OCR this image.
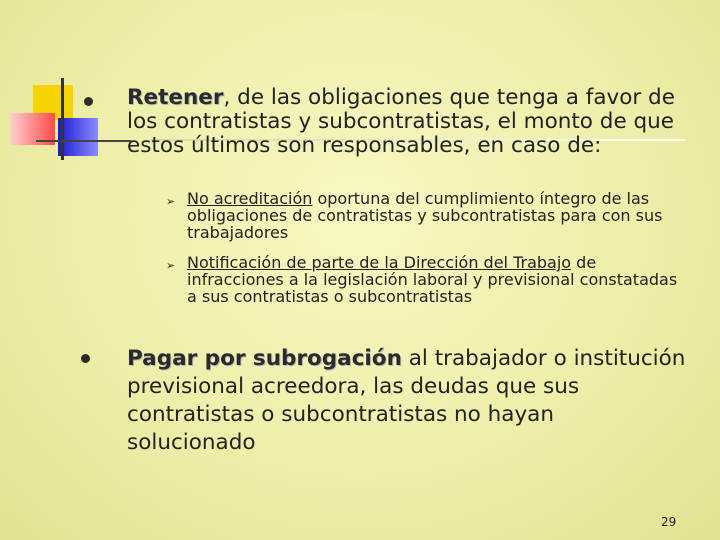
Retener, de las obligaciones que tenga a favor de los contratistas y subcontratistas, el monto de que estos últimos son responsables, en caso de:
➢ No acreditación oportuna del cumplimiento íntegro de las obligaciones de contratistas y subcontratistas para con sus trabajadores
➢ Notificación de parte de la Dirección del Trabajo de infracciones a la legislación laboral y previsional constatadas a sus contratistas o subcontratistas
Pagar por subrogación al trabajador o institución previsional acreedora, las deudas que sus contratistas o subcontratistas no hayan solucionado
29
